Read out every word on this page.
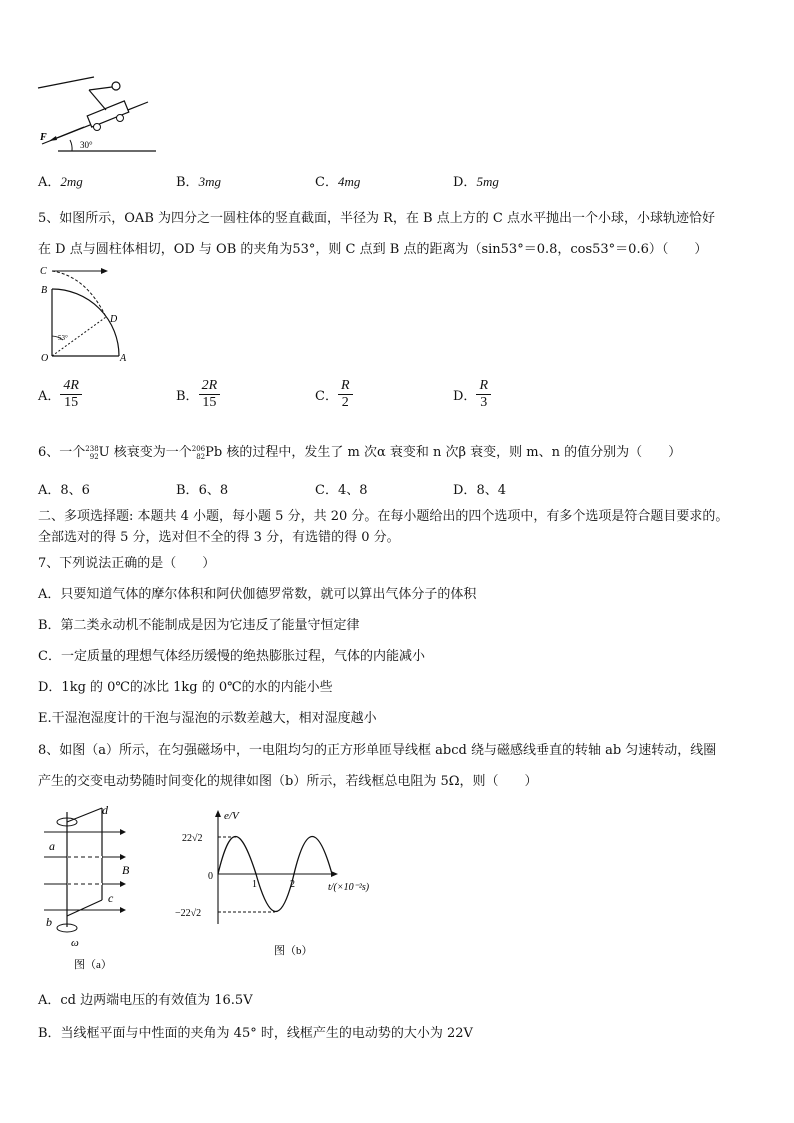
F
30°
A．2mg	B．3mg	C．4mg	D．5mg
5、如图所示，OAB 为四分之一圆柱体的竖直截面，半径为 R，在 B 点上方的 C 点水平抛出一个小球，小球轨迹恰好
在 D 点与圆柱体相切，OD 与 OB 的夹角为53°，则 C 点到 B 点的距离为（sin53°＝0.8，cos53°＝0.6）（　　）
C
B
D
O	A
53°
A． $\frac{4R}{15}$	B． $\frac{2R}{15}$	C． $\frac{R}{2}$	D． $\frac{R}{3}$
6、一个 238
92 U 核衰变为一个 206
82 Pb 核的过程中，发生了 m 次α 衰变和 n 次β 衰变，则 m、n 的值分别为（　　）
A．8、6	B．6、8	C．4、8	D．8、4
二、多项选择题: 本题共 4 小题，每小题 5 分，共 20 分。在每小题给出的四个选项中，有多个选项是符合题目要求的。
全部选对的得 5 分，选对但不全的得 3 分，有选错的得 0 分。
7、下列说法正确的是（　　）
A．只要知道气体的摩尔体积和阿伏伽德罗常数，就可以算出气体分子的体积
B．第二类永动机不能制成是因为它违反了能量守恒定律
C．一定质量的理想气体经历缓慢的绝热膨胀过程，气体的内能减小
D．1kg 的 0℃的冰比 1kg 的 0℃的水的内能小些
E.干湿泡湿度计的干泡与湿泡的示数差越大，相对湿度越小
8、如图（a）所示，在匀强磁场中，一电阻均匀的正方形单匝导线框 abcd 绕与磁感线垂直的转轴 ab 匀速转动，线圈
产生的交变电动势随时间变化的规律如图（b）所示，若线框总电阻为 5Ω，则（　　）
d
a
B
c
b
ω
图（a）
e/V
22√2
0
−22√2
1	2	t/(×10⁻²s)
图（b）
A．cd 边两端电压的有效值为 16.5V
B．当线框平面与中性面的夹角为 45° 时，线框产生的电动势的大小为 22V
